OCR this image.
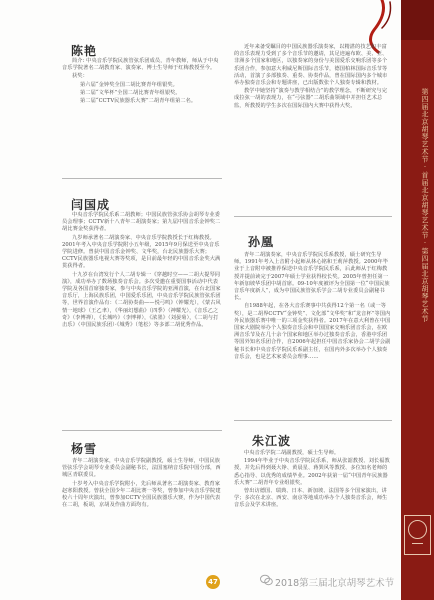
陈艳

简介: 中央音乐学院民族管弦乐团成员，青年教师，师从于中央音乐学院著名二胡教育家、演奏家、博士生导师于红梅教授至今。

获奖：

第六届“金钟奖全国二胡比赛青年组银奖。

第二届“文华杯”全国二胡比赛青年组银奖。

第二届“CCTV民族器乐大赛”二胡青年组第二名。

闫国成

中央音乐学院民乐系二胡教师；中国民族管弦乐协会胡琴专业委员会理事；CCTV新十八青年二胡演奏家；第九届中国音乐金钟奖二胡比赛金奖获得者。

九岁师承著名二胡演奏家、中央音乐学院教授长于红梅教授。2001年考入中央音乐学院附小五年级，2015年9月保送至中央音乐学院进修。曾获中国音乐金钟奖、文华奖，台北民族器乐大赛；CCTV民族器乐电视大赛等奖项，是目前最年轻的中国音乐金奖大满贯获得者。

十九岁在台湾发行个人二胡专辑一《穿越时空——二胡大提琴同演》，成功举办了数场独奏音乐会。多次受邀在重要国事活动中代表学院及各国首席独奏家，参与中央音乐学院的亚洲首演，在台北国家音乐厅，上海民族乐团，中国爱乐乐团，中央音乐学院民族管弦乐团等，世界首演作品有：《二胡协奏曲——悦弓鸣》（钟耀光），《蒙古风情一地球》（王乙聿），《华丽幻想曲》（四季）（神耀光），《音乐乙之奇》（李博禅），《长城吟》（李博禅），《浓墨》（刘晏菊），《二胡与打击乐》（中国民族乐团）·《城秀》（笔松）等多部二胡优秀作品。

杨雪

青年二胡演奏家，中央音乐学院副教授，硕士生导师，中国民族管弦乐学会胡琴专业委员会副秘书长，法国塞纳音乐院中国分部，西城区青联委员。

十岁考入中央音乐学院附小，先后师从著名二胡演奏家、教育家赵寒阳教授。曾获全国少年二胡比赛一等奖，曾参加中央音乐学院建校六十周年庆演出，曾参加CCTV全国民族器乐大赛，作为中国代表在二胡，板胡，京胡及作曲方面均有。

近年来备受瞩目的中国民族器乐演奏家，以精湛的技艺和丰富的音乐表现力受到了多个音乐节的邀请，其足迹遍布欧、美、亚、非洲多个国家和地区，以独奏家的身份与美国爱乐交响乐团等多个乐团合作，参加意大利威尼斯国际音乐节，德国柏林国际音乐节等活动，首演了多部独奏、重奏、协奏作品，曾在国际国内多个城市举办独奏音乐会和专题讲座，已出版数张个人独奏专辑和教材。

教学中她坚持“演奏与教学相结合”的教学理念，不断研究与完成拉弦一胡的表现力，在“弓弦器”二胡乐曲领域中并担任艺术总监，所教授的学生多次在国际国内大赛中获得大奖。

孙凰

青年二胡演奏家，中央音乐学院民乐系教授，硕士研究生导师。1991年考入上音附小起师从林心铭和王莉萍教授。2000年毕业于上音附中被推荐保送中央音乐学院民乐系，后此师从于红梅教授并提前读完于2007年硕士学业获得校长奖。2005年曾担任第一年新加坡华乐团中胡首席。09-10年度被评为全国第一位“中国民族音乐年度新人”，成为中国民族管弦乐学会二胡专业委员会副秘书长。

自1988年起，在各大音乐赛事中共获得12个第一名（或一等奖），是二胡界CCTV“金钟奖”、文化部“文华奖”和“龙音杯”等国内外民族器乐赛中唯一的三项金奖获得者。2017年在意大利曾在中国国家大剧院举办个人独奏音乐会和中国国家交响乐团音乐会，在欧洲音乐节及在几十余个国家和地区举办过独奏音乐会，香港中乐团等国外知名乐团合作，自2006年起担任中国音乐家协会二胡学会副秘书长和中央音乐学院民乐系副主任，在国内外多次举办个人独奏音乐会，也是艺术家委员会理事……

朱江波

中央音乐学院二胡副教授，硕士生导师。

1994年毕业于中央音乐学院民乐系，师从张韶教授、刘长福教授，并先后得到聂大铮、黄晨星、蒋巽风等教授、多位知名老师的悉心指导、以优秀的成绩毕业。2002年获第一届“中国青年民族器乐大赛”二胡青年专业组银奖。

曾出访德国、瑞典、日本、新加坡、法国等多个国家演出，讲学；多次在北京、西安、南京等地成功举办个人独奏音乐会，师生音乐会及学术讲座。

47	2018第三届北京胡琴艺术节
第四届北京胡琴艺术节·首届北京胡琴艺术节·第四届北京胡琴艺术节
